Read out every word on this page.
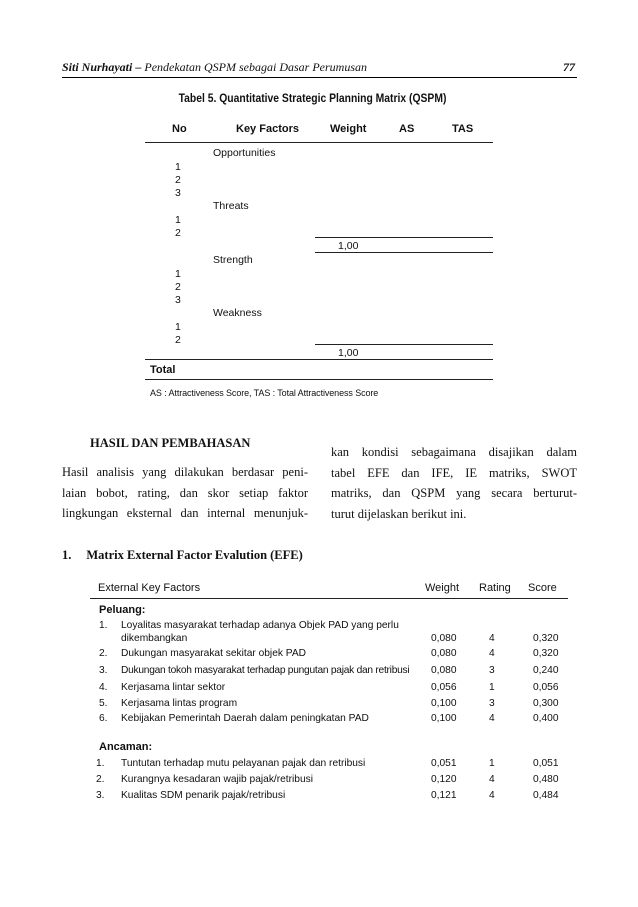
Siti Nurhayati – Pendekatan QSPM sebagai Dasar Perumusan	77
Tabel 5. Quantitative Strategic Planning Matrix (QSPM)
No	Key Factors	Weight	AS	TAS
Opportunities
1
2
3
Threats
1
2
1,00
Strength
1
2
3
Weakness
1
2
1,00
Total
AS : Attractiveness Score, TAS : Total Attractiveness Score
HASIL DAN PEMBAHASAN
Hasil analisis yang dilakukan berdasar peni-
laian bobot, rating, dan skor setiap faktor
lingkungan eksternal dan internal menunjuk-
kan kondisi sebagaimana disajikan dalam
tabel EFE dan IFE, IE matriks, SWOT
matriks, dan QSPM yang secara berturut-
turut dijelaskan berikut ini.
1. Matrix External Factor Evalution (EFE)
External Key Factors	Weight Rating Score
Peluang:
1. Loyalitas masyarakat terhadap adanya Objek PAD yang perlu
dikembangkan	0,080	4	0,320
2. Dukungan masyarakat sekitar objek PAD	0,080	4	0,320
3. Dukungan tokoh masyarakat terhadap pungutan pajak dan retribusi 0,080	3	0,240
4. Kerjasama lintar sektor	0,056	1	0,056
5. Kerjasama lintas program	0,100	3	0,300
6. Kebijakan Pemerintah Daerah dalam peningkatan PAD	0,100	4	0,400
Ancaman:
1. Tuntutan terhadap mutu pelayanan pajak dan retribusi	0,051	1	0,051
2. Kurangnya kesadaran wajib pajak/retribusi	0,120	4	0,480
3. Kualitas SDM penarik pajak/retribusi	0,121	4	0,484
